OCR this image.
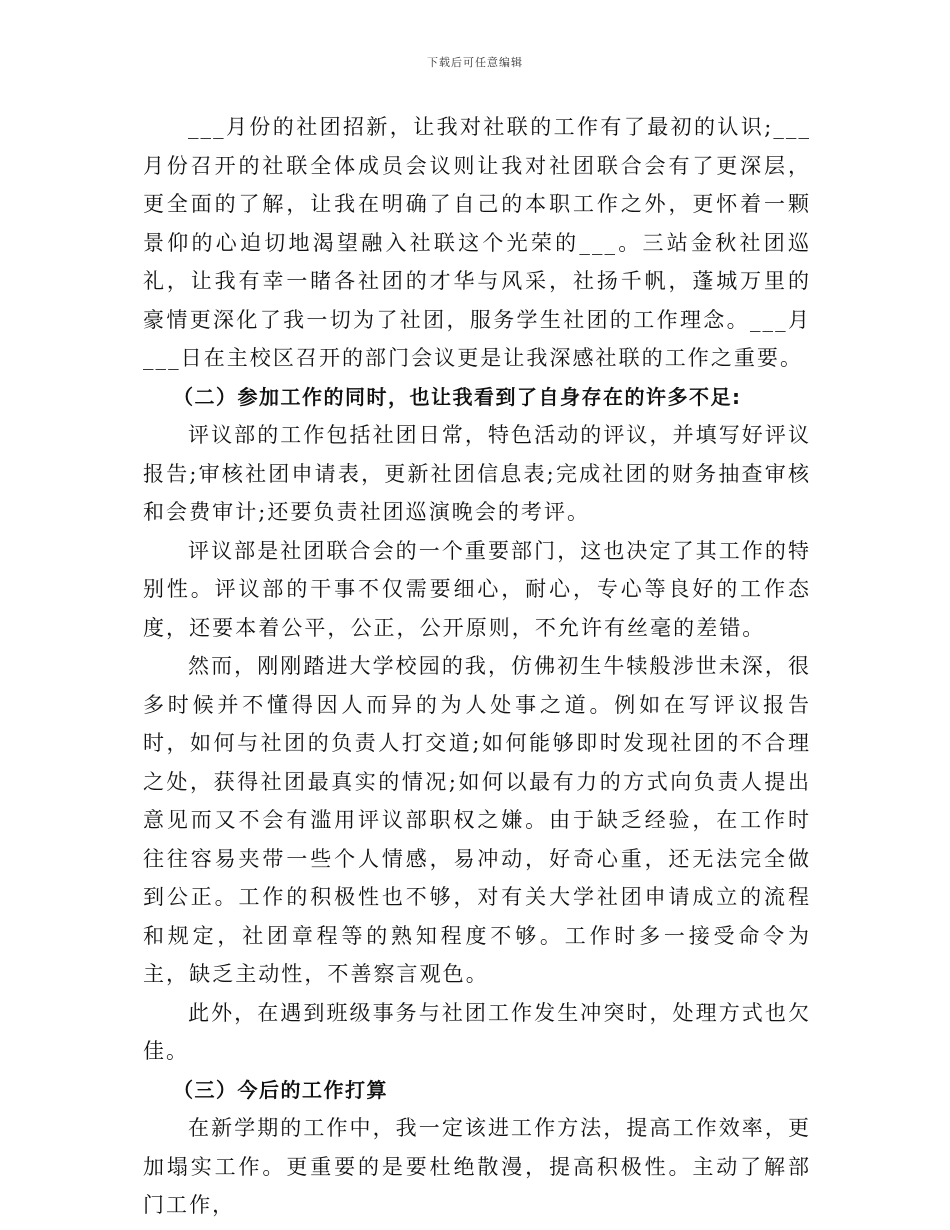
下载后可任意编辑

___月份的社团招新，让我对社联的工作有了最初的认识;___月份召开的社联全体成员会议则让我对社团联合会有了更深层，更全面的了解，让我在明确了自己的本职工作之外，更怀着一颗景仰的心迫切地渴望融入社联这个光荣的___。三站金秋社团巡礼，让我有幸一睹各社团的才华与风采，社扬千帆，蓬城万里的豪情更深化了我一切为了社团，服务学生社团的工作理念。___月___日在主校区召开的部门会议更是让我深感社联的工作之重要。

（二）参加工作的同时，也让我看到了自身存在的许多不足:

评议部的工作包括社团日常，特色活动的评议，并填写好评议报告;审核社团申请表，更新社团信息表;完成社团的财务抽查审核和会费审计;还要负责社团巡演晚会的考评。

评议部是社团联合会的一个重要部门，这也决定了其工作的特别性。评议部的干事不仅需要细心，耐心，专心等良好的工作态度，还要本着公平，公正，公开原则，不允许有丝毫的差错。

然而，刚刚踏进大学校园的我，仿佛初生牛犊般涉世未深，很多时候并不懂得因人而异的为人处事之道。例如在写评议报告时，如何与社团的负责人打交道;如何能够即时发现社团的不合理之处，获得社团最真实的情况;如何以最有力的方式向负责人提出意见而又不会有滥用评议部职权之嫌。由于缺乏经验，在工作时往往容易夹带一些个人情感，易冲动，好奇心重，还无法完全做到公正。工作的积极性也不够，对有关大学社团申请成立的流程和规定，社团章程等的熟知程度不够。工作时多一接受命令为主，缺乏主动性，不善察言观色。

此外，在遇到班级事务与社团工作发生冲突时，处理方式也欠佳。

（三）今后的工作打算

在新学期的工作中，我一定该进工作方法，提高工作效率，更加塌实工作。更重要的是要杜绝散漫，提高积极性。主动了解部门工作，
